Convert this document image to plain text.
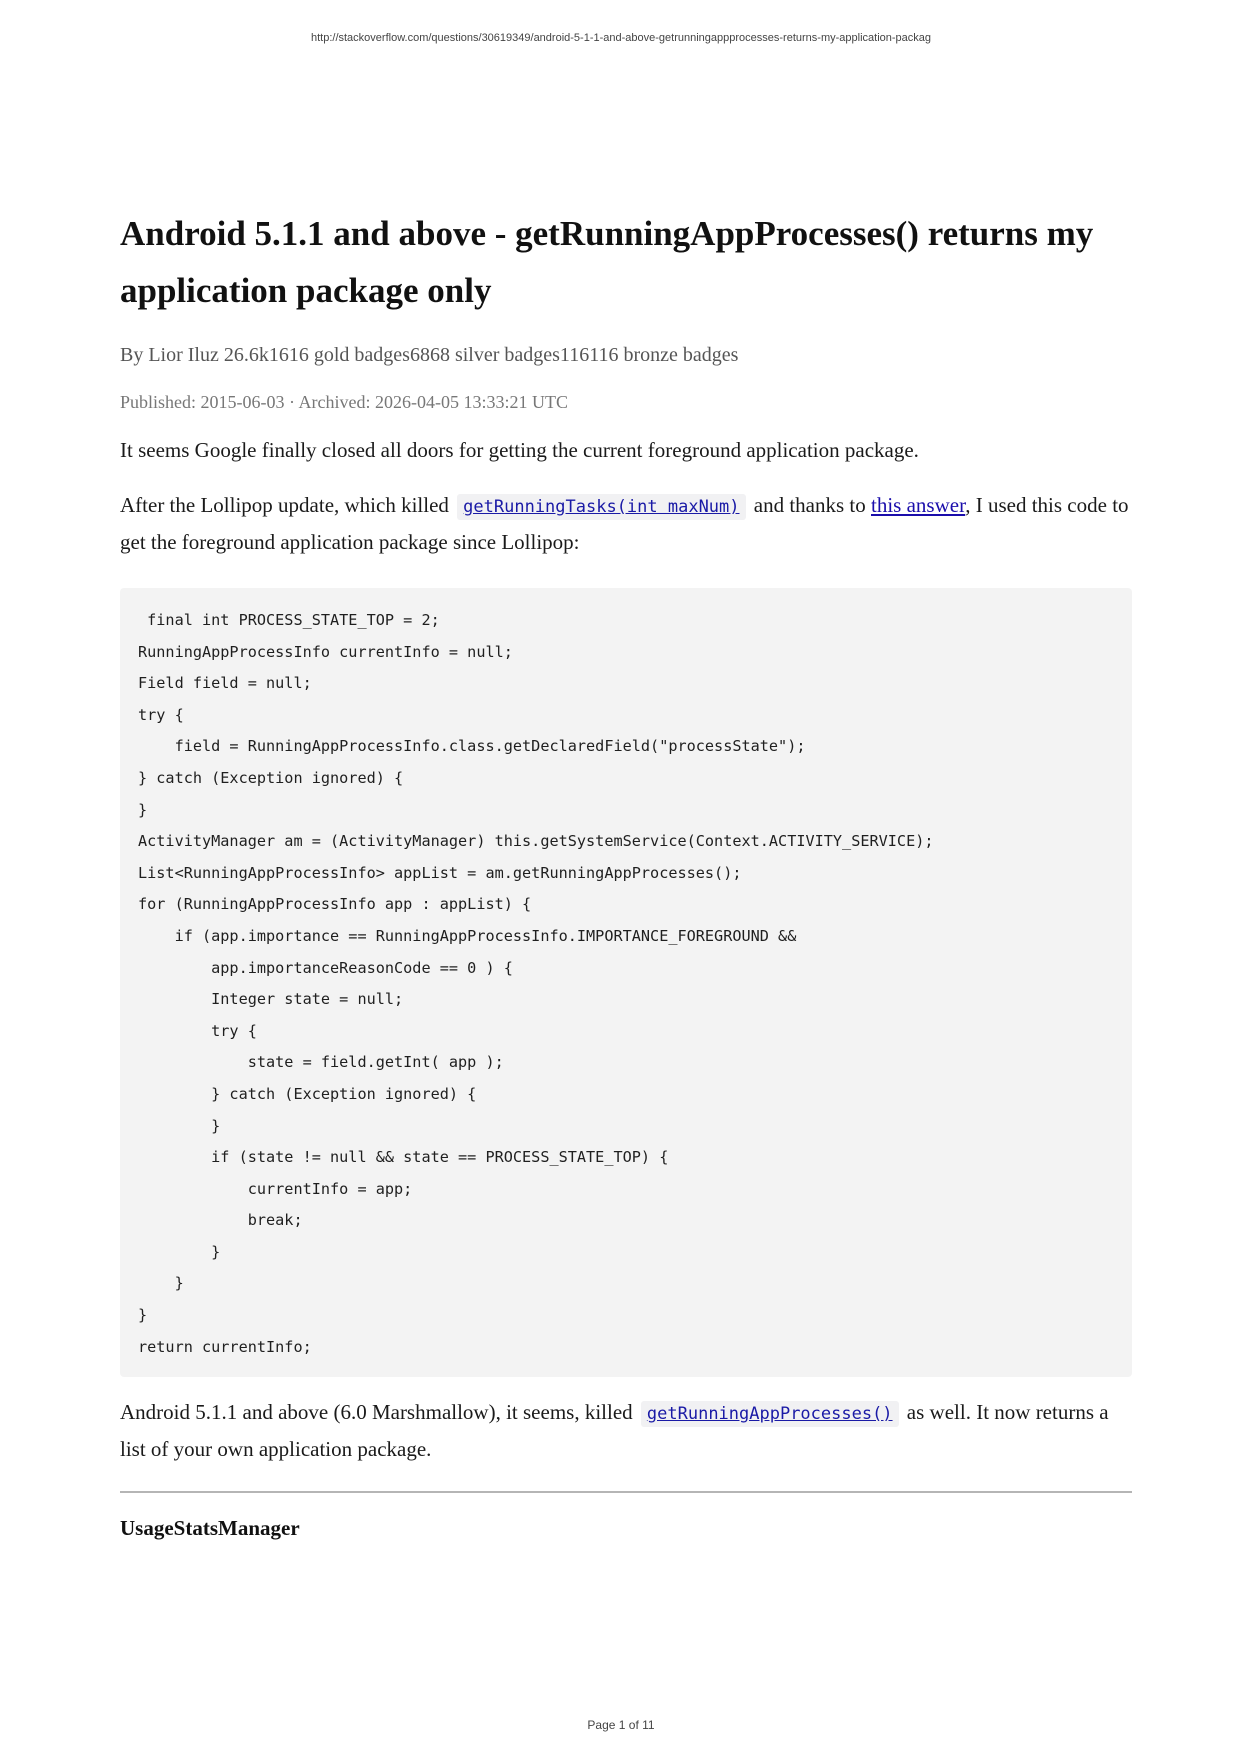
http://stackoverflow.com/questions/30619349/android-5-1-1-and-above-getrunningappprocesses-returns-my-application-packag
Android 5.1.1 and above - getRunningAppProcesses() returns my application package only
By Lior Iluz 26.6k1616 gold badges6868 silver badges116116 bronze badges
Published: 2015-06-03 · Archived: 2026-04-05 13:33:21 UTC

It seems Google finally closed all doors for getting the current foreground application package.

After the Lollipop update, which killed getRunningTasks(int maxNum) and thanks to this answer, I used this code to get the foreground application package since Lollipop:

final int PROCESS_STATE_TOP = 2;
RunningAppProcessInfo currentInfo = null;
Field field = null;
try {
field = RunningAppProcessInfo.class.getDeclaredField("processState");
} catch (Exception ignored) {
}
ActivityManager am = (ActivityManager) this.getSystemService(Context.ACTIVITY_SERVICE);
List<RunningAppProcessInfo> appList = am.getRunningAppProcesses();
for (RunningAppProcessInfo app : appList) {
if (app.importance == RunningAppProcessInfo.IMPORTANCE_FOREGROUND &&
app.importanceReasonCode == 0 ) {
Integer state = null;
try {
state = field.getInt( app );
} catch (Exception ignored) {
}
if (state != null && state == PROCESS_STATE_TOP) {
currentInfo = app;
break;
}
}
}
return currentInfo;

Android 5.1.1 and above (6.0 Marshmallow), it seems, killed getRunningAppProcesses() as well. It now returns a list of your own application package.

UsageStatsManager
Page 1 of 11
